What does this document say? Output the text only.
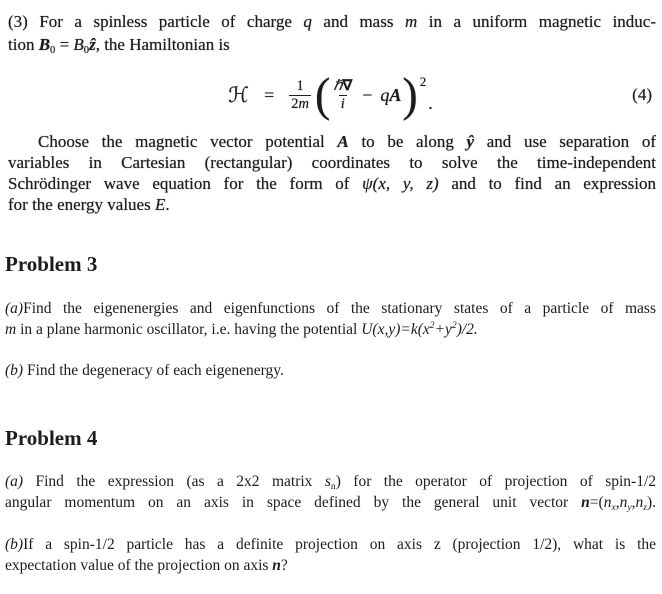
(3) For a spinless particle of charge q and mass m in a uniform magnetic induc-
tion $B_0$ = $B_0ẑ$, the Hamiltonian is
ℋ = $\frac{1}{2m}$ ( $\frac{\text{ℏ∇}}{i}$ − qA ) 2
.	(4)
Choose the magnetic vector potential A to be along ŷ and use separation of
variables in Cartesian (rectangular) coordinates to solve the time-independent
Schrödinger wave equation for the form of ψ(x, y, z) and to find an expression
for the energy values E.
Problem 3
(a)Find the eigenenergies and eigenfunctions of the stationary states of a particle of mass
m in a plane harmonic oscillator, i.e. having the potential $U(x,y)=k(x^2+y^2)/2$.
(b) Find the degeneracy of each eigenenergy.
Problem 4
(a) Find the expression (as a 2x2 matrix $s_n$) for the operator of projection of spin-1/2
angular momentum on an axis in space defined by the general unit vector $n=(n_x,n_y,n_z)$.
(b)If a spin-1/2 particle has a definite projection on axis z (projection 1/2), what is the
expectation value of the projection on axis n?
